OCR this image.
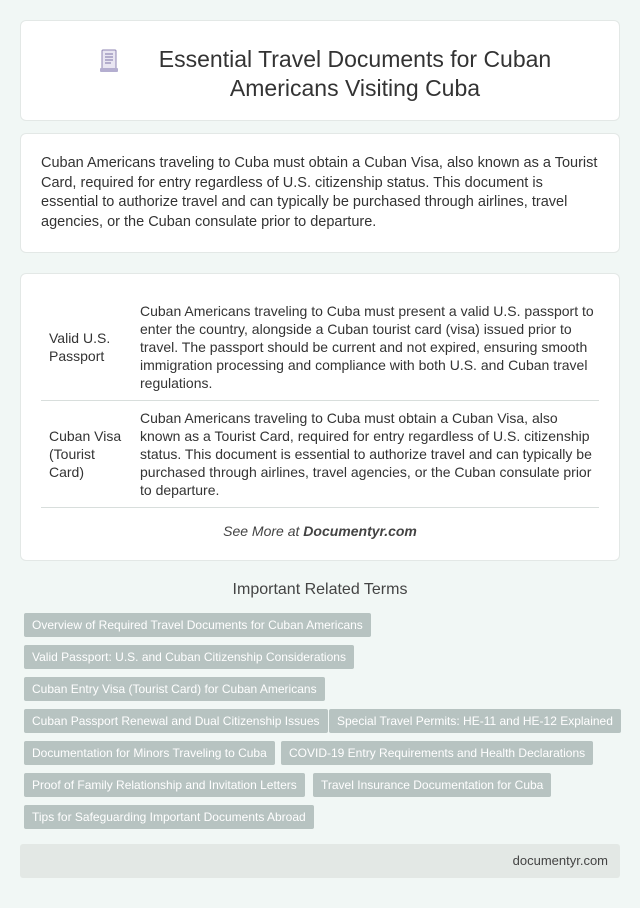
Essential Travel Documents for Cuban Americans Visiting Cuba

Cuban Americans traveling to Cuba must obtain a Cuban Visa, also known as a Tourist Card, required for entry regardless of U.S. citizenship status. This document is essential to authorize travel and can typically be purchased through airlines, travel agencies, or the Cuban consulate prior to departure.

Valid U.S. Passport	Cuban Americans traveling to Cuba must present a valid U.S. passport to enter the country, alongside a Cuban tourist card (visa) issued prior to travel. The passport should be current and not expired, ensuring smooth immigration processing and compliance with both U.S. and Cuban travel regulations.
Cuban Visa (Tourist Card)	Cuban Americans traveling to Cuba must obtain a Cuban Visa, also known as a Tourist Card, required for entry regardless of U.S. citizenship status. This document is essential to authorize travel and can typically be purchased through airlines, travel agencies, or the Cuban consulate prior to departure.
See More at Documentyr.com
Important Related Terms
Overview of Required Travel Documents for Cuban Americans
Valid Passport: U.S. and Cuban Citizenship Considerations
Cuban Entry Visa (Tourist Card) for Cuban Americans
Cuban Passport Renewal and Dual Citizenship Issues	Special Travel Permits: HE-11 and HE-12 Explained
Documentation for Minors Traveling to Cuba	COVID-19 Entry Requirements and Health Declarations
Proof of Family Relationship and Invitation Letters	Travel Insurance Documentation for Cuba
Tips for Safeguarding Important Documents Abroad
documentyr.com
